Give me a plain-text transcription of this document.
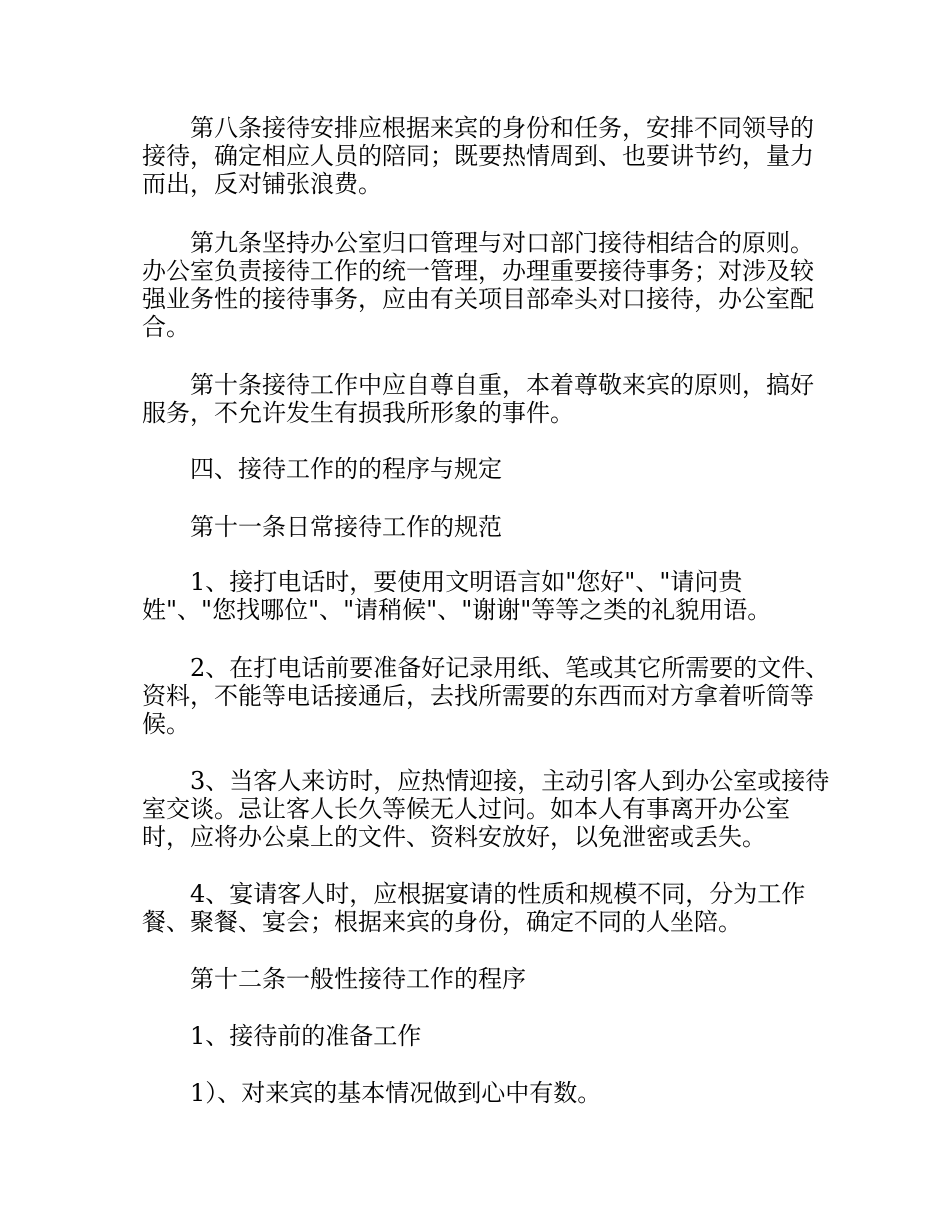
第八条接待安排应根据来宾的身份和任务，安排不同领导的接待，确定相应人员的陪同；既要热情周到、也要讲节约，量力而出，反对铺张浪费。

第九条坚持办公室归口管理与对口部门接待相结合的原则。办公室负责接待工作的统一管理，办理重要接待事务；对涉及较强业务性的接待事务，应由有关项目部牵头对口接待，办公室配合。

第十条接待工作中应自尊自重，本着尊敬来宾的原则，搞好服务，不允许发生有损我所形象的事件。

四、接待工作的的程序与规定

第十一条日常接待工作的规范

1、接打电话时，要使用文明语言如"您好"、"请问贵姓"、"您找哪位"、"请稍候"、"谢谢"等等之类的礼貌用语。

2、在打电话前要准备好记录用纸、笔或其它所需要的文件、资料，不能等电话接通后，去找所需要的东西而对方拿着听筒等候。

3、当客人来访时，应热情迎接，主动引客人到办公室或接待室交谈。忌让客人长久等候无人过问。如本人有事离开办公室时，应将办公桌上的文件、资料安放好，以免泄密或丢失。

4、宴请客人时，应根据宴请的性质和规模不同，分为工作餐、聚餐、宴会；根据来宾的身份，确定不同的人坐陪。

第十二条一般性接待工作的程序

1、接待前的准备工作

1）、对来宾的基本情况做到心中有数。
